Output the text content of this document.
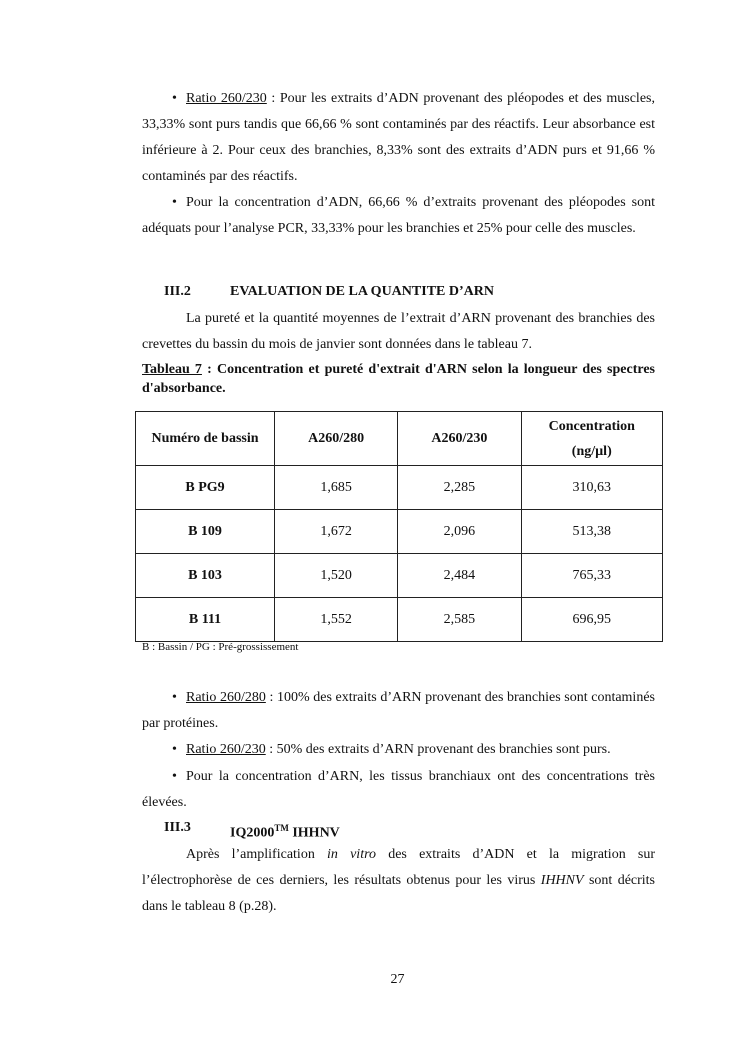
• Ratio 260/230 : Pour les extraits d’ADN provenant des pléopodes et des muscles, 33,33% sont purs tandis que 66,66 % sont contaminés par des réactifs. Leur absorbance est inférieure à 2. Pour ceux des branchies, 8,33% sont des extraits d’ADN purs et 91,66 % contaminés par des réactifs.

• Pour la concentration d’ADN, 66,66 % d’extraits provenant des pléopodes sont adéquats pour l’analyse PCR, 33,33% pour les branchies et 25% pour celle des muscles.

III.2	EVALUATION DE LA QUANTITE D’ARN

La pureté et la quantité moyennes de l’extrait d’ARN provenant des branchies des crevettes du bassin du mois de janvier sont données dans le tableau 7.

Tableau 7 : Concentration et pureté d'extrait d'ARN selon la longueur des spectres d'absorbance.

Numéro de bassin	A260/280	A260/230	Concentration
(ng/µl)
B PG9	1,685	2,285	310,63
B 109	1,672	2,096	513,38
B 103	1,520	2,484	765,33
B 111	1,552	2,585	696,95

B : Bassin / PG : Pré-grossissement

• Ratio 260/280 : 100% des extraits d’ARN provenant des branchies sont contaminés par protéines.

• Ratio 260/230 : 50% des extraits d’ARN provenant des branchies sont purs.

• Pour la concentration d’ARN, les tissus branchiaux ont des concentrations très élevées.

III.3	IQ2000™ IHHNV

Après l’amplification in vitro des extraits d’ADN et la migration sur l’électrophorèse de ces derniers, les résultats obtenus pour les virus IHHNV sont décrits dans le tableau 8 (p.28).

27
